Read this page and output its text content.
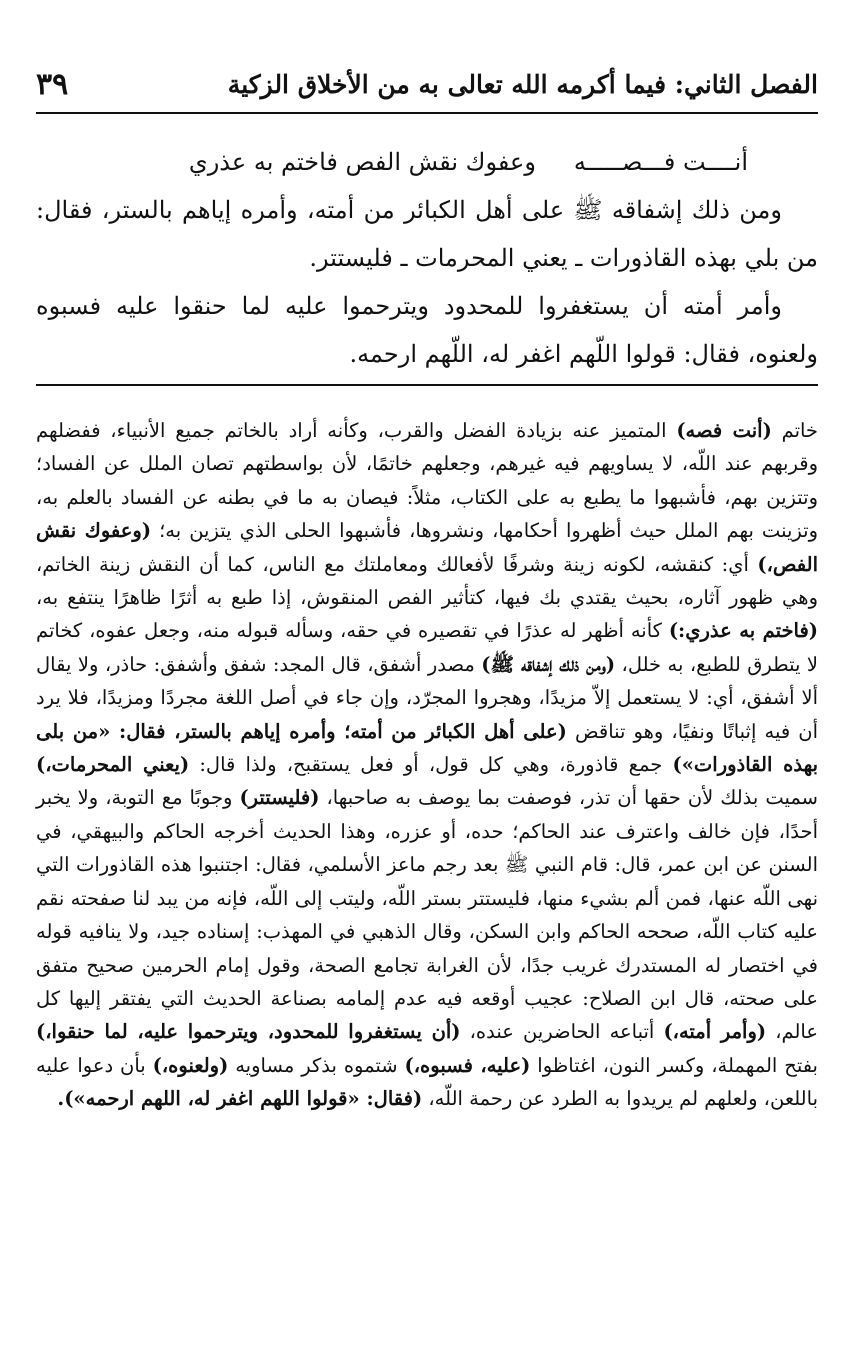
الفصل الثاني: فيما أكرمه الله تعالى به من الأخلاق الزكية
٣٩

أنــــت فـــصـــــه
وعفوك نقش الفص فاختم به عذري

ومن ذلك إشفاقه ﷺ على أهل الكبائر من أمته، وأمره إياهم بالستر، فقال: من بلي بهذه القاذورات ـ يعني المحرمات ـ فليستتر.

وأمر أمته أن يستغفروا للمحدود ويترحموا عليه لما حنقوا عليه فسبوه ولعنوه، فقال: قولوا اللّهم اغفر له، اللّهم ارحمه.

خاتم (أنت فصه) المتميز عنه بزيادة الفضل والقرب، وكأنه أراد بالخاتم جميع الأنبياء، ففضلهم وقربهم عند اللّه، لا يساويهم فيه غيرهم، وجعلهم خاتمًا، لأن بواسطتهم تصان الملل عن الفساد؛ وتتزين بهم، فأشبهوا ما يطبع به على الكتاب، مثلاً: فيصان به ما في بطنه عن الفساد بالعلم به، وتزينت بهم الملل حيث أظهروا أحكامها، ونشروها، فأشبهوا الحلى الذي يتزين به؛ (وعفوك نقش الفص،) أي: كنقشه، لكونه زينة وشرفًا لأفعالك ومعاملتك مع الناس، كما أن النقش زينة الخاتم، وهي ظهور آثاره، بحيث يقتدي بك فيها، كتأثير الفص المنقوش، إذا طبع به أثرًا ظاهرًا ينتفع به، (فاختم به عذري:) كأنه أظهر له عذرًا في تقصيره في حقه، وسأله قبوله منه، وجعل عفوه، كخاتم لا يتطرق للطبع، به خلل، (ومن ذلك إشفاقه ﷺ) مصدر أشفق، قال المجد: شفق وأشفق: حاذر، ولا يقال ألا أشفق، أي: لا يستعمل إلاّ مزيدًا، وهجروا المجرّد، وإن جاء في أصل اللغة مجردًا ومزيدًا، فلا يرد أن فيه إثباتًا ونفيًا، وهو تناقض (على أهل الكبائر من أمته؛ وأمره إياهم بالستر، فقال: «من بلى بهذه القاذورات») جمع قاذورة، وهي كل قول، أو فعل يستقبح، ولذا قال: (يعني المحرمات،) سميت بذلك لأن حقها أن تذر، فوصفت بما يوصف به صاحبها، (فليستتر) وجوبًا مع التوبة، ولا يخبر أحدًا، فإن خالف واعترف عند الحاكم؛ حده، أو عزره، وهذا الحديث أخرجه الحاكم والبيهقي، في السنن عن ابن عمر، قال: قام النبي ﷺ بعد رجم ماعز الأسلمي، فقال: اجتنبوا هذه القاذورات التي نهى اللّه عنها، فمن ألم بشيء منها، فليستتر بستر اللّه، وليتب إلى اللّه، فإنه من يبد لنا صفحته نقم عليه كتاب اللّه، صححه الحاكم وابن السكن، وقال الذهبي في المهذب: إسناده جيد، ولا ينافيه قوله في اختصار له المستدرك غريب جدًا، لأن الغرابة تجامع الصحة، وقول إمام الحرمين صحيح متفق على صحته، قال ابن الصلاح: عجيب أوقعه فيه عدم إلمامه بصناعة الحديث التي يفتقر إليها كل عالم، (وأمر أمته،) أتباعه الحاضرين عنده، (أن يستغفروا للمحدود، ويترحموا عليه، لما حنقوا،) بفتح المهملة، وكسر النون، اغتاظوا (عليه، فسبوه،) شتموه بذكر مساويه (ولعنوه،) بأن دعوا عليه باللعن، ولعلهم لم يريدوا به الطرد عن رحمة اللّه، (فقال: «قولوا اللهم اغفر له، اللهم ارحمه»).
